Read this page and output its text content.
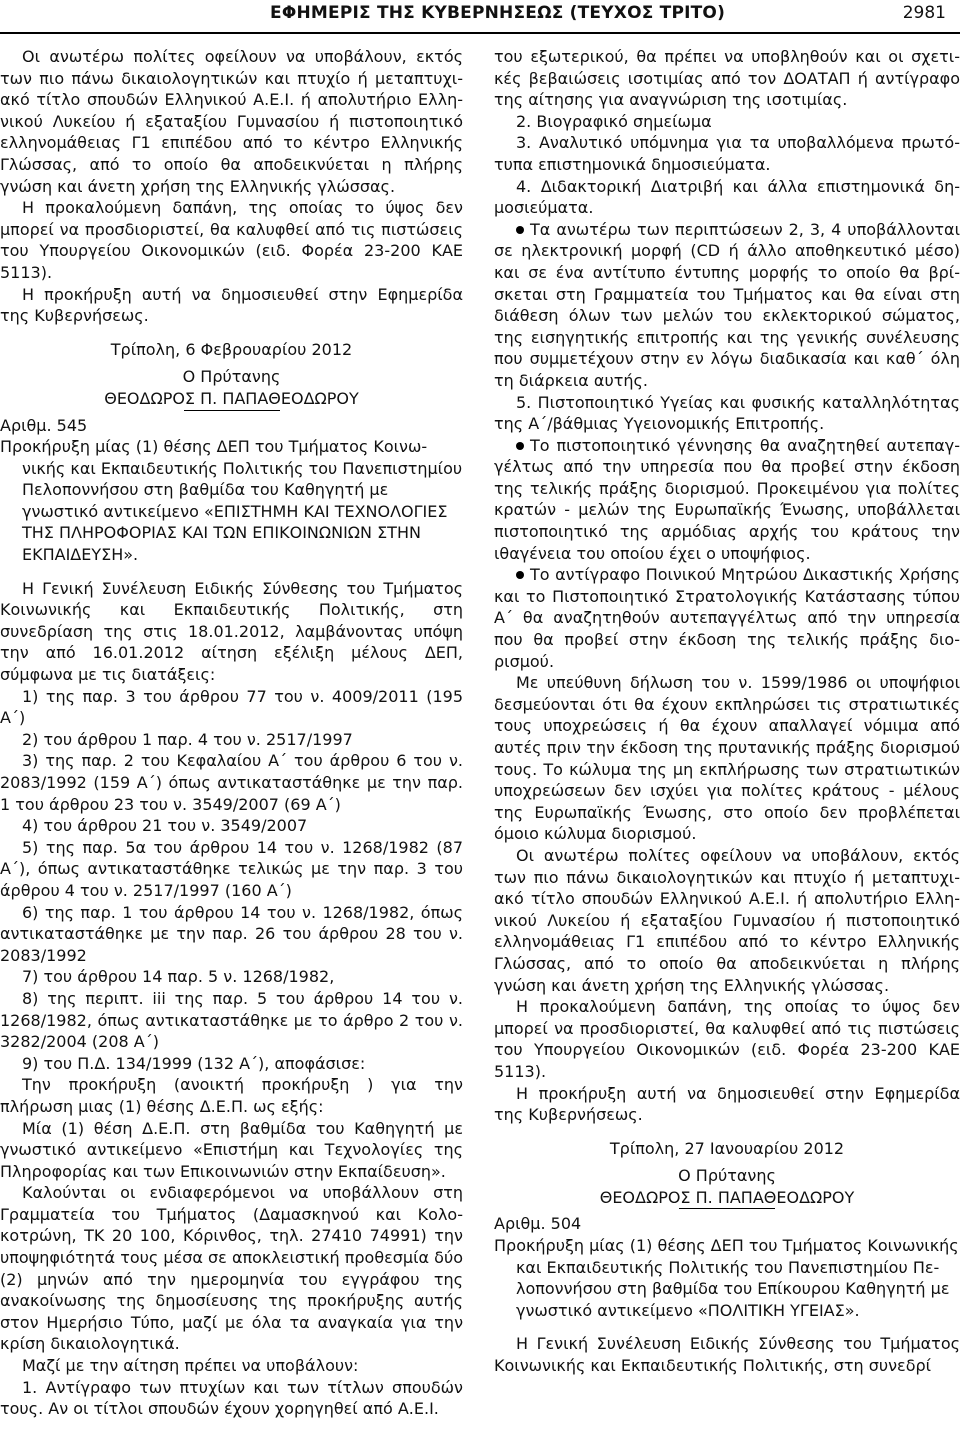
ΕΦΗΜΕΡΙΣ ΤΗΣ ΚΥΒΕΡΝΗΣΕΩΣ (ΤΕΥΧΟΣ ΤΡΙΤΟ)	2981

Οι ανωτέρω πολίτες οφείλουν να υποβάλουν, εκτός των πιο πάνω δικαιολογητικών και πτυχίο ή μεταπτυχιακό τίτλο σπουδών Ελληνικού Α.Ε.Ι. ή απολυτήριο Ελληνικού Λυκείου ή εξαταξίου Γυμνασίου ή πιστοποιητικό ελληνομάθειας Γ1 επιπέδου από το κέντρο Ελληνικής Γλώσσας, από το οποίο θα αποδεικνύεται η πλήρης γνώση και άνετη χρήση της Ελληνικής γλώσσας.

Η προκαλούμενη δαπάνη, της οποίας το ύψος δεν μπορεί να προσδιοριστεί, θα καλυφθεί από τις πιστώσεις του Υπουργείου Οικονομικών (ειδ. Φορέα 23-200 ΚΑΕ 5113).

Η προκήρυξη αυτή να δημοσιευθεί στην Εφημερίδα της Κυβερνήσεως.

Τρίπολη, 6 Φεβρουαρίου 2012

Ο Πρύτανης

ΘΕΟΔΩΡΟΣ Π. ΠΑΠΑΘΕΟΔΩΡΟΥ

Αριθμ. 545

Προκήρυξη μίας (1) θέσης ΔΕΠ του Τμήματος Κοινωνικής και Εκπαιδευτικής Πολιτικής του Πανεπιστημίου Πελοποννήσου στη βαθμίδα του Καθηγητή με γνωστικό αντικείμενο «ΕΠΙΣΤΗΜΗ ΚΑΙ ΤΕΧΝΟΛΟΓΙΕΣ ΤΗΣ ΠΛΗΡΟΦΟΡΙΑΣ ΚΑΙ ΤΩΝ ΕΠΙΚΟΙΝΩΝΙΩΝ ΣΤΗΝ ΕΚΠΑΙΔΕΥΣΗ».

Η Γενική Συνέλευση Ειδικής Σύνθεσης του Τμήματος Κοινωνικής και Εκπαιδευτικής Πολιτικής, στη συνεδρίαση της στις 18.01.2012, λαμβάνοντας υπόψη την από 16.01.2012 αίτηση εξέλιξη μέλους ΔΕΠ, σύμφωνα με τις διατάξεις:

1) της παρ. 3 του άρθρου 77 του ν. 4009/2011 (195 Α΄)

2) του άρθρου 1 παρ. 4 του ν. 2517/1997

3) της παρ. 2 του Κεφαλαίου Α΄ του άρθρου 6 του ν. 2083/1992 (159 Α΄) όπως αντικαταστάθηκε με την παρ. 1 του άρθρου 23 του ν. 3549/2007 (69 Α΄)

4) του άρθρου 21 του ν. 3549/2007

5) της παρ. 5α του άρθρου 14 του ν. 1268/1982 (87 Α΄), όπως αντικαταστάθηκε τελικώς με την παρ. 3 του άρθρου 4 του ν. 2517/1997 (160 Α΄)

6) της παρ. 1 του άρθρου 14 του ν. 1268/1982, όπως αντικαταστάθηκε με την παρ. 26 του άρθρου 28 του ν. 2083/1992

7) του άρθρου 14 παρ. 5 ν. 1268/1982,

8) της περιπτ. iii της παρ. 5 του άρθρου 14 του ν. 1268/1982, όπως αντικαταστάθηκε με το άρθρο 2 του ν. 3282/2004 (208 Α΄)

9) του Π.Δ. 134/1999 (132 Α΄), αποφάσισε:

Την προκήρυξη (ανοικτή προκήρυξη ) για την πλήρωση μιας (1) θέσης Δ.Ε.Π. ως εξής:

Μία (1) θέση Δ.Ε.Π. στη βαθμίδα του Καθηγητή με γνωστικό αντικείμενο «Επιστήμη και Τεχνολογίες της Πληροφορίας και των Επικοινωνιών στην Εκπαίδευση».

Καλούνται οι ενδιαφερόμενοι να υποβάλλουν στη Γραμματεία του Τμήματος (Δαμασκηνού και Κολοκοτρώνη, ΤΚ 20 100, Κόρινθος, τηλ. 27410 74991) την υποψηφιότητά τους μέσα σε αποκλειστική προθεσμία δύο (2) μηνών από την ημερομηνία του εγγράφου της ανακοίνωσης της δημοσίευσης της προκήρυξης αυτής στον Ημερήσιο Τύπο, μαζί με όλα τα αναγκαία για την κρίση δικαιολογητικά.

Μαζί με την αίτηση πρέπει να υποβάλουν:

1. Αντίγραφο των πτυχίων και των τίτλων σπουδών τους. Αν οι τίτλοι σπουδών έχουν χορηγηθεί από Α.Ε.Ι.

του εξωτερικού, θα πρέπει να υποβληθούν και οι σχετικές βεβαιώσεις ισοτιμίας από τον ΔΟΑΤΑΠ ή αντίγραφο της αίτησης για αναγνώριση της ισοτιμίας.

2. Βιογραφικό σημείωμα

3. Αναλυτικό υπόμνημα για τα υποβαλλόμενα πρωτότυπα επιστημονικά δημοσιεύματα.

4. Διδακτορική Διατριβή και άλλα επιστημονικά δημοσιεύματα.

Τα ανωτέρω των περιπτώσεων 2, 3, 4 υποβάλλονται σε ηλεκτρονική μορφή (CD ή άλλο αποθηκευτικό μέσο) και σε ένα αντίτυπο έντυπης μορφής το οποίο θα βρίσκεται στη Γραμματεία του Τμήματος και θα είναι στη διάθεση όλων των μελών του εκλεκτορικού σώματος, της εισηγητικής επιτροπής και της γενικής συνέλευσης που συμμετέχουν στην εν λόγω διαδικασία και καθ΄ όλη τη διάρκεια αυτής.

5. Πιστοποιητικό Υγείας και φυσικής καταλληλότητας της Α΄/βάθμιας Υγειονομικής Επιτροπής.

Το πιστοποιητικό γέννησης θα αναζητηθεί αυτεπαγγέλτως από την υπηρεσία που θα προβεί στην έκδοση της τελικής πράξης διορισμού. Προκειμένου για πολίτες κρατών - μελών της Ευρωπαϊκής Ένωσης, υποβάλλεται πιστοποιητικό της αρμόδιας αρχής του κράτους την ιθαγένεια του οποίου έχει ο υποψήφιος.

Το αντίγραφο Ποινικού Μητρώου Δικαστικής Χρήσης και το Πιστοποιητικό Στρατολογικής Κατάστασης τύπου Α΄ θα αναζητηθούν αυτεπαγγέλτως από την υπηρεσία που θα προβεί στην έκδοση της τελικής πράξης διορισμού.

Με υπεύθυνη δήλωση του ν. 1599/1986 οι υποψήφιοι δεσμεύονται ότι θα έχουν εκπληρώσει τις στρατιωτικές τους υποχρεώσεις ή θα έχουν απαλλαγεί νόμιμα από αυτές πριν την έκδοση της πρυτανικής πράξης διορισμού τους. Το κώλυμα της μη εκπλήρωσης των στρατιωτικών υποχρεώσεων δεν ισχύει για πολίτες κράτους - μέλους της Ευρωπαϊκής Ένωσης, στο οποίο δεν προβλέπεται όμοιο κώλυμα διορισμού.

Οι ανωτέρω πολίτες οφείλουν να υποβάλουν, εκτός των πιο πάνω δικαιολογητικών και πτυχίο ή μεταπτυχιακό τίτλο σπουδών Ελληνικού Α.Ε.Ι. ή απολυτήριο Ελληνικού Λυκείου ή εξαταξίου Γυμνασίου ή πιστοποιητικό ελληνομάθειας Γ1 επιπέδου από το κέντρο Ελληνικής Γλώσσας, από το οποίο θα αποδεικνύεται η πλήρης γνώση και άνετη χρήση της Ελληνικής γλώσσας.

Η προκαλούμενη δαπάνη, της οποίας το ύψος δεν μπορεί να προσδιοριστεί, θα καλυφθεί από τις πιστώσεις του Υπουργείου Οικονομικών (ειδ. Φορέα 23-200 ΚΑΕ 5113).

Η προκήρυξη αυτή να δημοσιευθεί στην Εφημερίδα της Κυβερνήσεως.

Τρίπολη, 27 Ιανουαρίου 2012

Ο Πρύτανης

ΘΕΟΔΩΡΟΣ Π. ΠΑΠΑΘΕΟΔΩΡΟΥ

Αριθμ. 504

Προκήρυξη μίας (1) θέσης ΔΕΠ του Τμήματος Κοινωνικής και Εκπαιδευτικής Πολιτικής του Πανεπιστημίου Πελοποννήσου στη βαθμίδα του Επίκουρου Καθηγητή με γνωστικό αντικείμενο «ΠΟΛΙΤΙΚΗ ΥΓΕΙΑΣ».

Η Γενική Συνέλευση Ειδικής Σύνθεσης του Τμήματος Κοινωνικής και Εκπαιδευτικής Πολιτικής, στη συνεδρί
